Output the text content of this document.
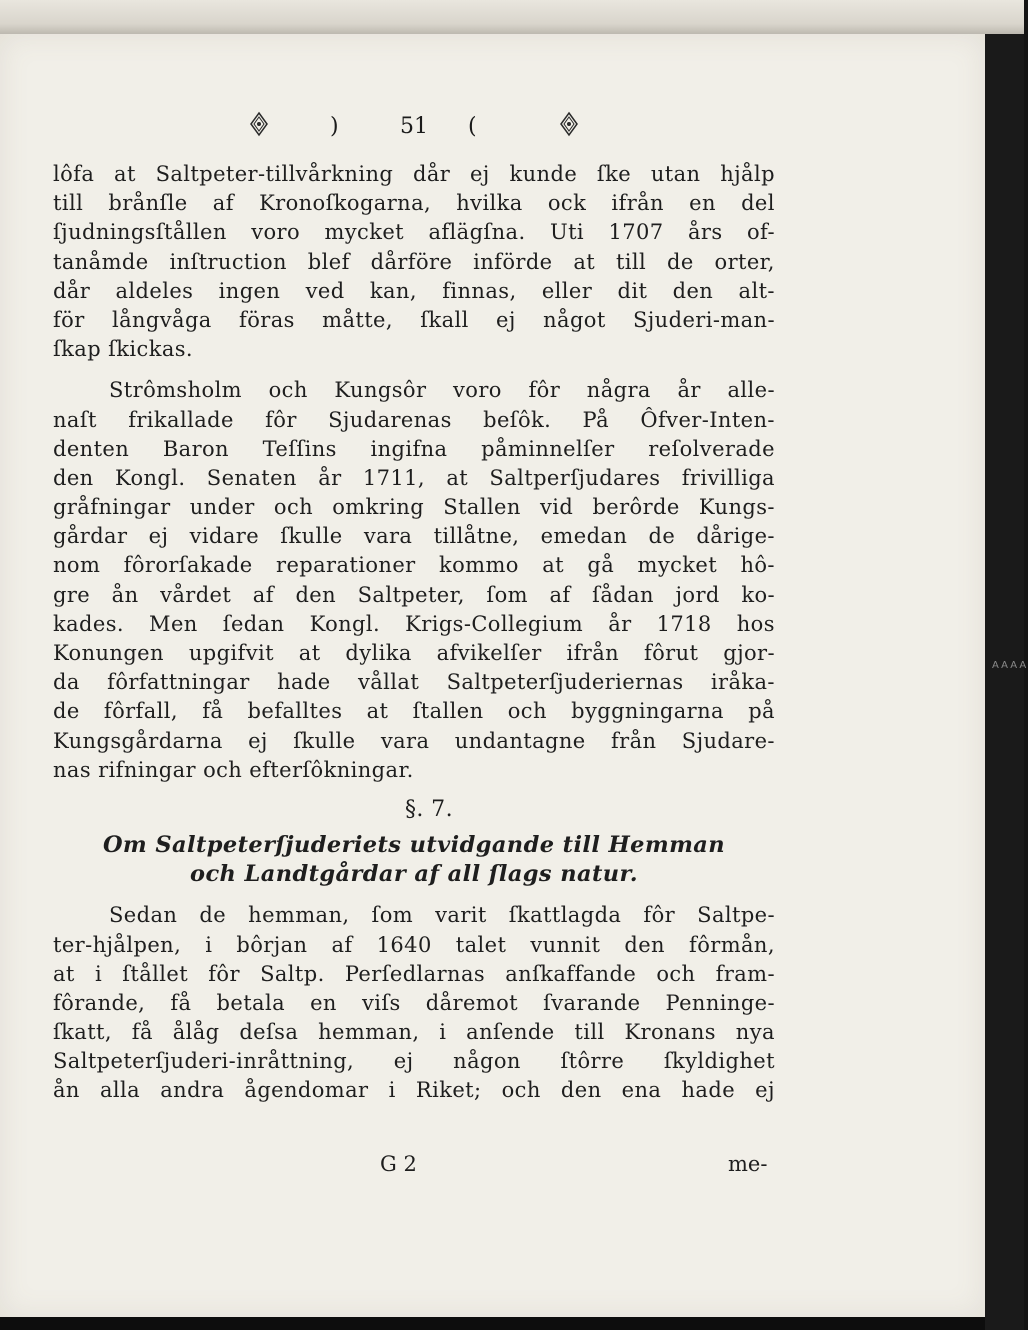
AAAA
)	51 (
lôfa at Saltpeter-tillvårkning dår ej kunde ſke utan hjålp
till brånſle af Kronoſkogarna, hvilka ock ifrån en del
ſjudningsſtållen voro mycket aflägſna. Uti 1707 års of-
tanåmde inſtruction blef dårföre införde at till de orter,
dår aldeles ingen ved kan, finnas, eller dit den alt-
för långvåga föras måtte, ſkall ej något Sjuderi-man-
ſkap ſkickas.
Strômsholm och Kungsôr voro fôr några år alle-
naſt frikallade fôr Sjudarenas beſôk. På Ôfver-Inten-
denten Baron Teſſins ingifna påminnelſer reſolverade
den Kongl. Senaten år 1711, at Saltperſjudares frivilliga
gråfningar under och omkring Stallen vid berôrde Kungs-
gårdar ej vidare ſkulle vara tillåtne, emedan de dårige-
nom fôrorſakade reparationer kommo at gå mycket hô-
gre ån vårdet af den Saltpeter, ſom af ſådan jord ko-
kades. Men ſedan Kongl. Krigs-Collegium år 1718 hos
Konungen upgifvit at dylika afvikelſer ifrån fôrut gjor-
da fôrfattningar hade vållat Saltpeterſjuderiernas iråka-
de fôrfall, få befalltes at ſtallen och byggningarna på
Kungsgårdarna ej ſkulle vara undantagne från Sjudare-
nas rifningar och efterſôkningar.
§. 7.
Om Saltpeterſjuderiets utvidgande till Hemman
och Landtgårdar af all ſlags natur.
Sedan de hemman, ſom varit ſkattlagda fôr Saltpe-
ter-hjålpen, i bôrjan af 1640 talet vunnit den fôrmån,
at i ſtållet fôr Saltp. Perſedlarnas anſkaffande och fram-
fôrande, få betala en viſs dåremot ſvarande Penninge-
ſkatt, få ålåg deſsa hemman, i anſende till Kronans nya
Saltpeterſjuderi-inråttning, ej någon ſtôrre ſkyldighet
ån alla andra ågendomar i Riket; och den ena hade ej
G 2	me-
